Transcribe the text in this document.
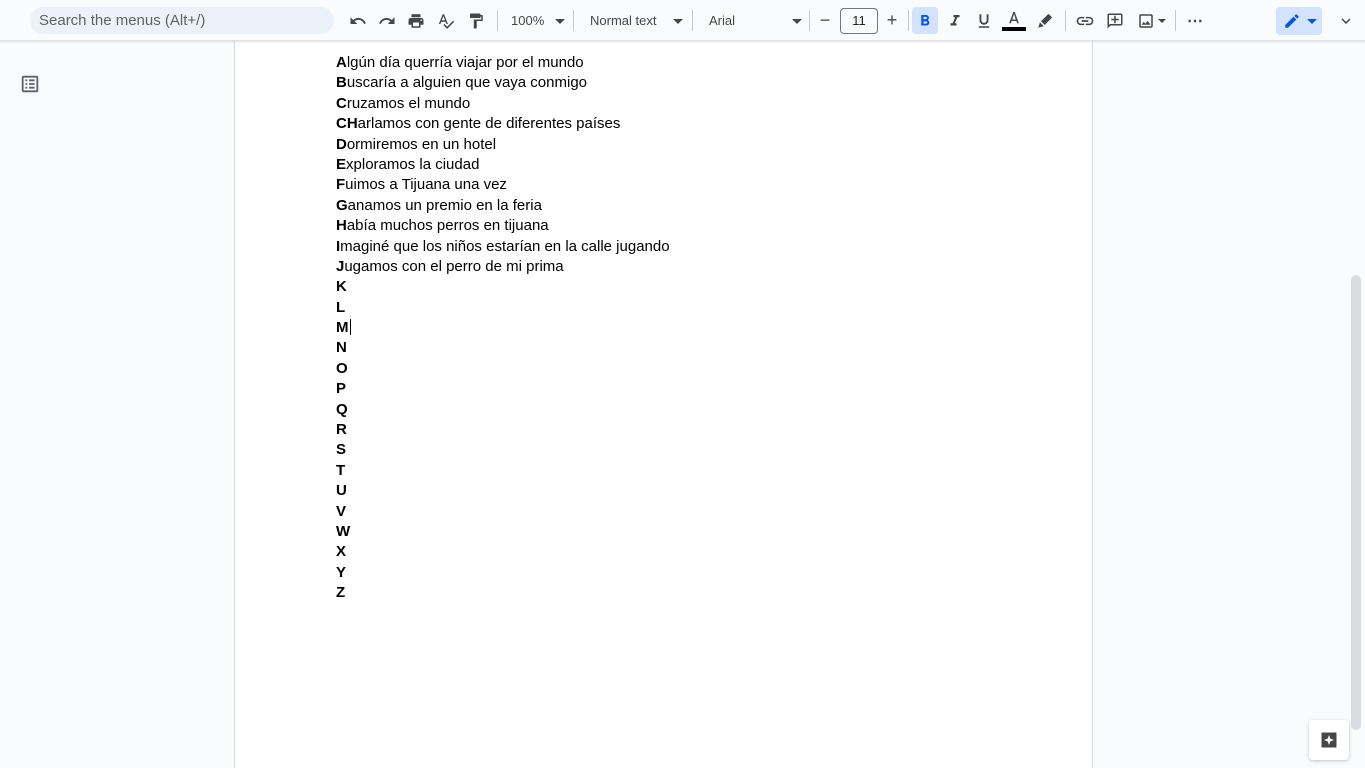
Search the menus (Alt+/)	100%	Normal text	Arial	−	11	+	⋯
Algún día querría viajar por el mundo
Buscaría a alguien que vaya conmigo
Cruzamos el mundo
CHarlamos con gente de diferentes países
Dormiremos en un hotel
Exploramos la ciudad
Fuimos a Tijuana una vez
Ganamos un premio en la feria
Había muchos perros en tijuana
Imaginé que los niños estarían en la calle jugando
Jugamos con el perro de mi prima
K
L
M
N
O
P
Q
R
S
T
U
V
W
X
Y
Z
